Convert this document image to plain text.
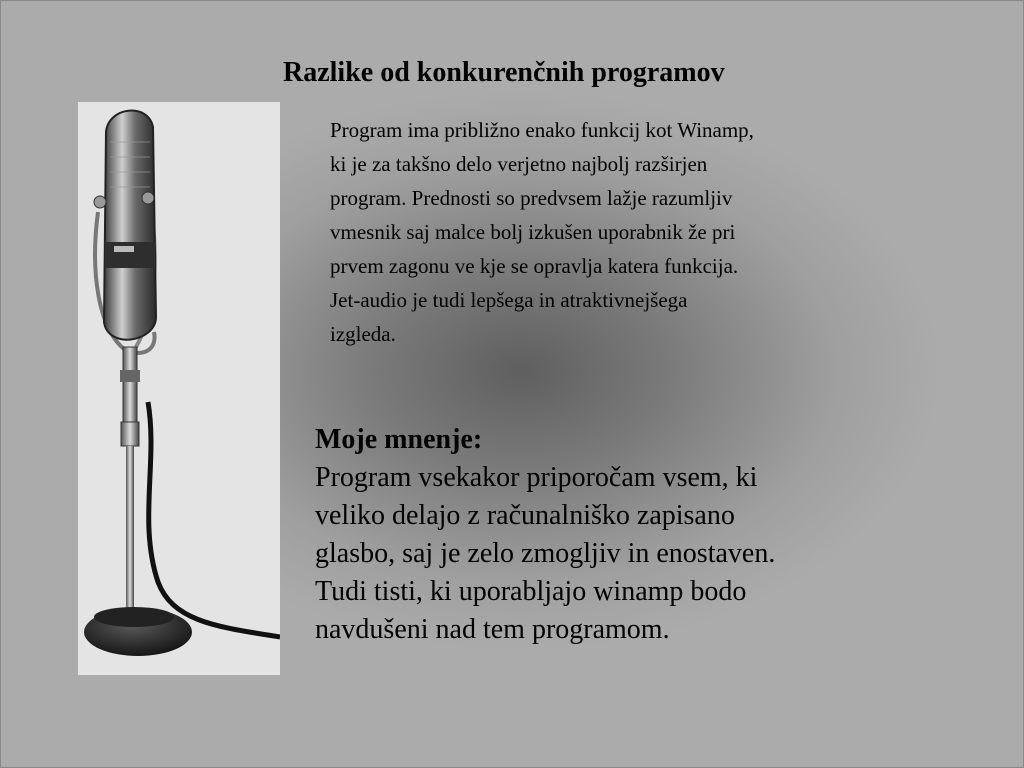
Razlike od konkurenčnih programov
Program ima približno enako funkcij kot Winamp,
ki je za takšno delo verjetno najbolj razširjen
program. Prednosti so predvsem lažje razumljiv
vmesnik saj malce bolj izkušen uporabnik že pri
prvem zagonu ve kje se opravlja katera funkcija.
Jet-audio je tudi lepšega in atraktivnejšega
izgleda.
Moje mnenje:
Program vsekakor priporočam vsem, ki
veliko delajo z računalniško zapisano
glasbo, saj je zelo zmogljiv in enostaven.
Tudi tisti, ki uporabljajo winamp bodo
navdušeni nad tem programom.
